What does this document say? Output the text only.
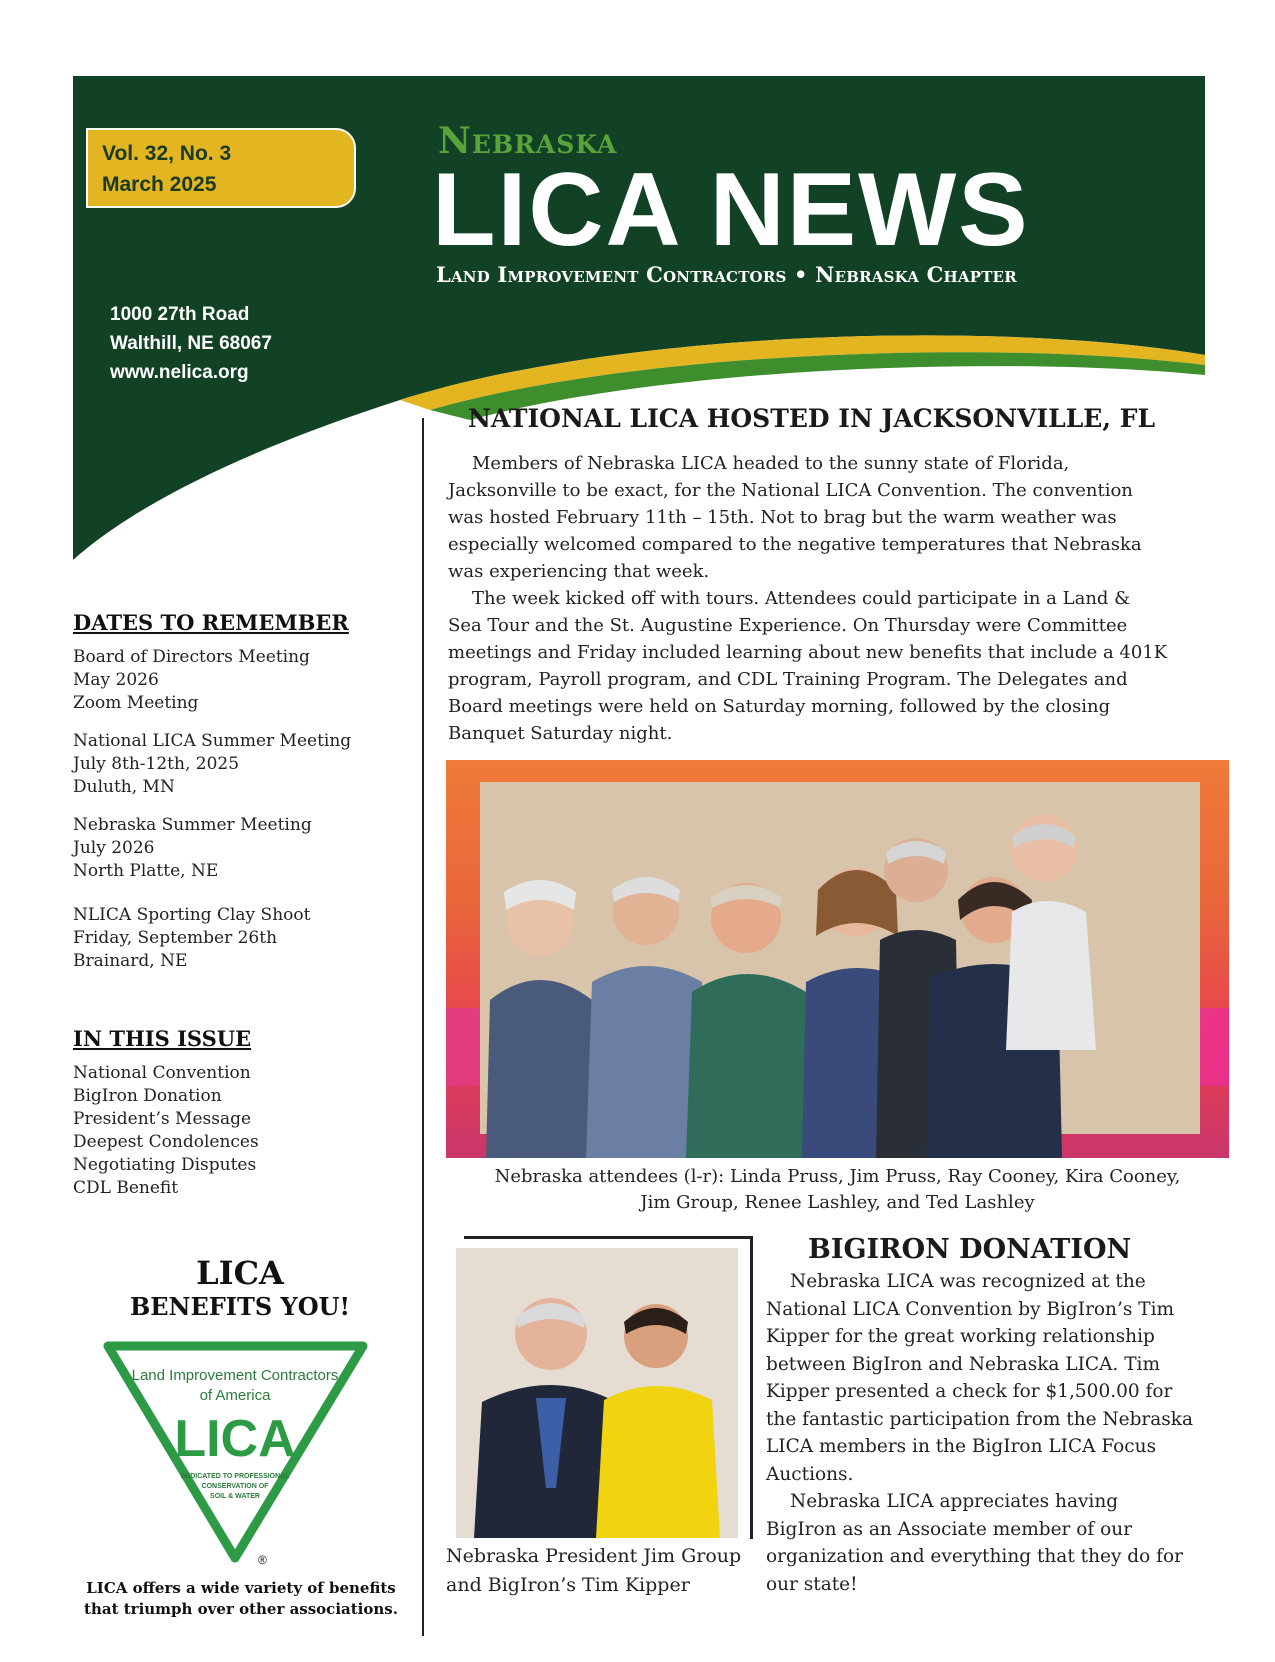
Vol. 32, No. 3
March 2025
1000 27th Road
Walthill, NE 68067
www.nelica.org
Nebraska
LICA NEWS
Land Improvement Contractors • Nebraska Chapter
DATES TO REMEMBER
Board of Directors Meeting
May 2026
Zoom Meeting
National LICA Summer Meeting
July 8th-12th, 2025
Duluth, MN
Nebraska Summer Meeting
July 2026
North Platte, NE
NLICA Sporting Clay Shoot
Friday, September 26th
Brainard, NE
IN THIS ISSUE
National Convention
BigIron Donation
President’s Message
Deepest Condolences
Negotiating Disputes
CDL Benefit
LICA
BENEFITS YOU!
Land Improvement Contractors
of America
LICA
DEDICATED TO PROFESSIONAL
CONSERVATION OF
SOIL & WATER
®
LICA offers a wide variety of benefits
that triumph over other associations.
NATIONAL LICA HOSTED IN JACKSONVILLE, FL
Members of Nebraska LICA headed to the sunny state of Florida,
Jacksonville to be exact, for the National LICA Convention. The convention
was hosted February 11th – 15th. Not to brag but the warm weather was
especially welcomed compared to the negative temperatures that Nebraska
was experiencing that week.
The week kicked off with tours. Attendees could participate in a Land &
Sea Tour and the St. Augustine Experience. On Thursday were Committee
meetings and Friday included learning about new benefits that include a 401K
program, Payroll program, and CDL Training Program. The Delegates and
Board meetings were held on Saturday morning, followed by the closing
Banquet Saturday night.
Nebraska attendees (l-r): Linda Pruss, Jim Pruss, Ray Cooney, Kira Cooney,
Jim Group, Renee Lashley, and Ted Lashley
Nebraska President Jim Group
and BigIron’s Tim Kipper
BIGIRON DONATION
Nebraska LICA was recognized at the
National LICA Convention by BigIron’s Tim
Kipper for the great working relationship
between BigIron and Nebraska LICA. Tim
Kipper presented a check for $1,500.00 for
the fantastic participation from the Nebraska
LICA members in the BigIron LICA Focus
Auctions.
Nebraska LICA appreciates having
BigIron as an Associate member of our
organization and everything that they do for
our state!
